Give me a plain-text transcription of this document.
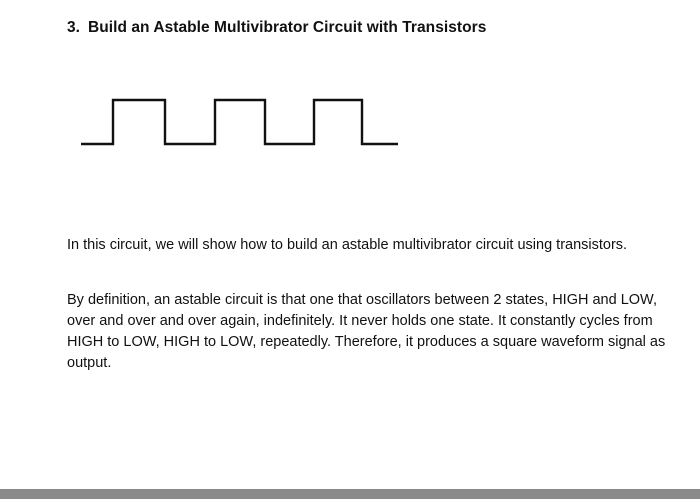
3. Build an Astable Multivibrator Circuit with Transistors

In this circuit, we will show how to build an astable multivibrator circuit using transistors.

By definition, an astable circuit is that one that oscillators between 2 states, HIGH and LOW, over and over and over again, indefinitely. It never holds one state. It constantly cycles from HIGH to LOW, HIGH to LOW, repeatedly. Therefore, it produces a square waveform signal as output.
